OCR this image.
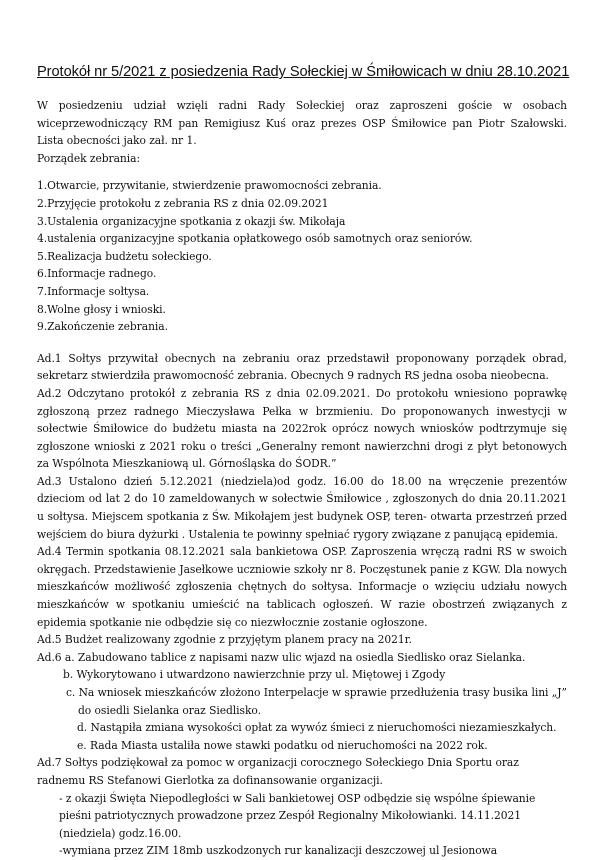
Protokół nr 5/2021 z posiedzenia Rady Sołeckiej w Śmiłowicach w dniu 28.10.2021

W posiedzeniu udział wzięli radni Rady Sołeckiej oraz zaproszeni goście w osobach wiceprzewodniczący RM pan Remigiusz Kuś oraz prezes OSP Śmiłowice pan Piotr Szałowski. Lista obecności jako zał. nr 1.

Porządek zebrania:

1.Otwarcie, przywitanie, stwierdzenie prawomocności zebrania.
2.Przyjęcie protokołu z zebrania RS z dnia 02.09.2021
3.Ustalenia organizacyjne spotkania z okazji św. Mikołaja
4.ustalenia organizacyjne spotkania opłatkowego osób samotnych oraz seniorów.
5.Realizacja budżetu sołeckiego.
6.Informacje radnego.
7.Informacje sołtysa.
8.Wolne głosy i wnioski.
9.Zakończenie zebrania.

Ad.1 Sołtys przywitał obecnych na zebraniu oraz przedstawił proponowany porządek obrad, sekretarz stwierdziła prawomocność zebrania. Obecnych 9 radnych RS jedna osoba nieobecna.

Ad.2 Odczytano protokół z zebrania RS z dnia 02.09.2021. Do protokołu wniesiono poprawkę zgłoszoną przez radnego Mieczysława Pełka w brzmieniu. Do proponowanych inwestycji w sołectwie Śmiłowice do budżetu miasta na 2022rok oprócz nowych wniosków podtrzymuje się zgłoszone wnioski z 2021 roku o treści „Generalny remont nawierzchni drogi z płyt betonowych za Wspólnota Mieszkaniową ul. Górnośląska do ŚODR.”

Ad.3 Ustalono dzień 5.12.2021 (niedziela)od godz. 16.00 do 18.00 na wręczenie prezentów dzieciom od lat 2 do 10 zameldowanych w sołectwie Śmiłowice , zgłoszonych do dnia 20.11.2021 u sołtysa. Miejscem spotkania z Św. Mikołajem jest budynek OSP, teren- otwarta przestrzeń przed wejściem do biura dyżurki . Ustalenia te powinny spełniać rygory związane z panującą epidemia.

Ad.4 Termin spotkania 08.12.2021 sala bankietowa OSP. Zaproszenia wręczą radni RS w swoich okręgach. Przedstawienie Jasełkowe uczniowie szkoły nr 8. Poczęstunek panie z KGW. Dla nowych mieszkańców możliwość zgłoszenia chętnych do sołtysa. Informacje o wzięciu udziału nowych mieszkańców w spotkaniu umieścić na tablicach ogłoszeń. W razie obostrzeń związanych z epidemia spotkanie nie odbędzie się co niezwłocznie zostanie ogłoszone.

Ad.5 Budżet realizowany zgodnie z przyjętym planem pracy na 2021r.

Ad.6 a. Zabudowano tablice z napisami nazw ulic wjazd na osiedla Siedlisko oraz Sielanka.

b. Wykorytowano i utwardzono nawierzchnie przy ul. Miętowej i Zgody
c. Na wniosek mieszkańców złożono Interpelacje w sprawie przedłużenia trasy busika lini „J” do osiedli Sielanka oraz Siedlisko.
d. Nastąpiła zmiana wysokości opłat za wywóz śmieci z nieruchomości niezamieszkałych.
e. Rada Miasta ustaliła nowe stawki podatku od nieruchomości na 2022 rok.

Ad.7 Sołtys podziękował za pomoc w organizacji corocznego Sołeckiego Dnia Sportu oraz radnemu RS Stefanowi Gierlotka za dofinansowanie organizacji.

- z okazji Święta Niepodległości w Sali bankietowej OSP odbędzie się wspólne śpiewanie pieśni patriotycznych prowadzone przez Zespół Regionalny Mikołowianki. 14.11.2021 (niedziela) godz.16.00.
-wymiana przez ZIM 18mb uszkodzonych rur kanalizacji deszczowej ul Jesionowa
